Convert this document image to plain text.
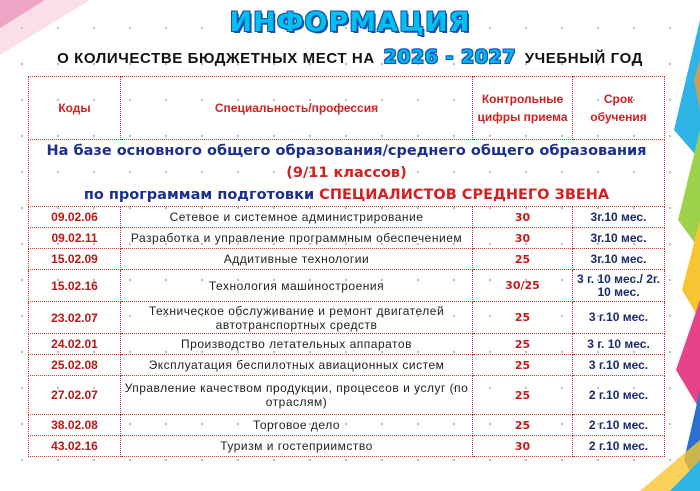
ИНФОРМАЦИЯ
О КОЛИЧЕСТВЕ БЮДЖЕТНЫХ МЕСТ НА 2026 - 2027 УЧЕБНЫЙ ГОД
Коды	Специальность/профессия	Контрольные цифры приема	Срок обучения
На базе основного общего образования/среднего общего образования (9/11 классов)
по программам подготовки СПЕЦИАЛИСТОВ СРЕДНЕГО ЗВЕНА			
09.02.06	Сетевое и системное администрирование	30	3г.10 мес.
09.02.11	Разработка и управление программным обеспечением	30	3г.10 мес.
15.02.09	Аддитивные технологии	25	3г.10 мес.
15.02.16	Технология машиностроения	30/25	3 г. 10 мес./ 2г. 10 мес.
23.02.07	Техническое обслуживание и ремонт двигателей автотранспортных средств	25	3 г.10 мес.
24.02.01	Производство летательных аппаратов	25	3 г. 10 мес.
25.02.08	Эксплуатация беспилотных авиационных систем	25	3 г.10 мес.
27.02.07	Управление качеством продукции, процессов и услуг (по отраслям)	25	2 г.10 мес.
38.02.08	Торговое дело	25	2 г.10 мес.
43.02.16	Туризм и гостеприимство	30	2 г.10 мес.
